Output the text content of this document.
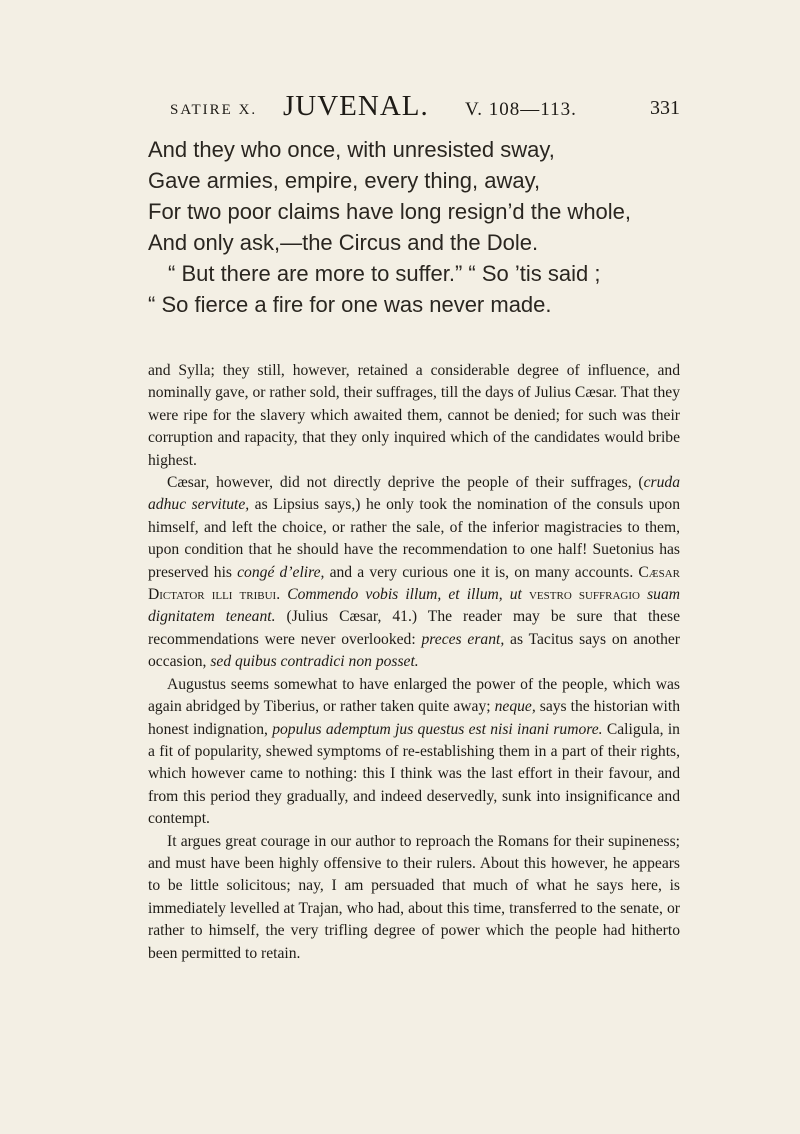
SATIRE X. JUVENAL. V. 108—113.	331
And they who once, with unresisted sway,
Gave armies, empire, every thing, away,
For two poor claims have long resign’d the whole,
And only ask,—the Circus and the Dole.
“ But there are more to suffer.” “ So ’tis said ;
“ So fierce a fire for one was never made.

and Sylla; they still, however, retained a considerable degree of influence, and nominally gave, or rather sold, their suffrages, till the days of Julius Cæsar. That they were ripe for the slavery which awaited them, cannot be denied; for such was their corruption and rapacity, that they only inquired which of the candidates would bribe highest.

Cæsar, however, did not directly deprive the people of their suffrages, (cruda adhuc servitute, as Lipsius says,) he only took the nomination of the consuls upon himself, and left the choice, or rather the sale, of the inferior magistracies to them, upon condition that he should have the recommendation to one half! Suetonius has preserved his congé d’elire, and a very curious one it is, on many accounts. Cæsar Dictator illi tribui. Commendo vobis illum, et illum, ut vestro suffragio suam dignitatem teneant. (Julius Cæsar, 41.) The reader may be sure that these recommendations were never overlooked: preces erant, as Tacitus says on another occasion, sed quibus contradici non posset.

Augustus seems somewhat to have enlarged the power of the people, which was again abridged by Tiberius, or rather taken quite away; neque, says the historian with honest indignation, populus ademptum jus questus est nisi inani rumore. Caligula, in a fit of popularity, shewed symptoms of re-establishing them in a part of their rights, which however came to nothing: this I think was the last effort in their favour, and from this period they gradually, and indeed deservedly, sunk into insignificance and contempt.

It argues great courage in our author to reproach the Romans for their supineness; and must have been highly offensive to their rulers. About this however, he appears to be little solicitous; nay, I am persuaded that much of what he says here, is immediately levelled at Trajan, who had, about this time, transferred to the senate, or rather to himself, the very trifling degree of power which the people had hitherto been permitted to retain.
